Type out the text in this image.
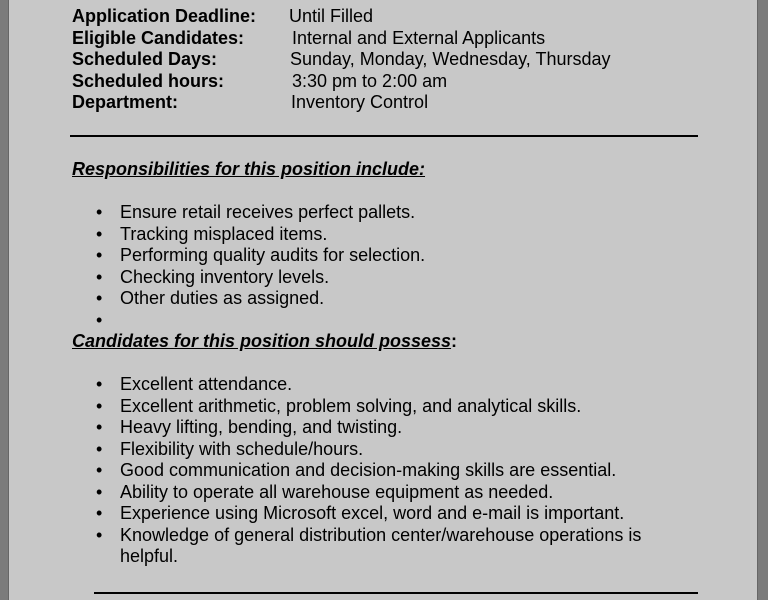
Application Deadline: Until Filled
Eligible Candidates:	Internal and External Applicants
Scheduled Days:	Sunday, Monday, Wednesday, Thursday
Scheduled hours:	3:30 pm to 2:00 am
Department:	Inventory Control
Responsibilities for this position include:
• Ensure retail receives perfect pallets.
• Tracking misplaced items.
• Performing quality audits for selection.
• Checking inventory levels.
• Other duties as assigned.
•
Candidates for this position should possess:
• Excellent attendance.
• Excellent arithmetic, problem solving, and analytical skills.
• Heavy lifting, bending, and twisting.
• Flexibility with schedule/hours.
• Good communication and decision-making skills are essential.
• Ability to operate all warehouse equipment as needed.
• Experience using Microsoft excel, word and e-mail is important.
• Knowledge of general distribution center/warehouse operations is helpful.
